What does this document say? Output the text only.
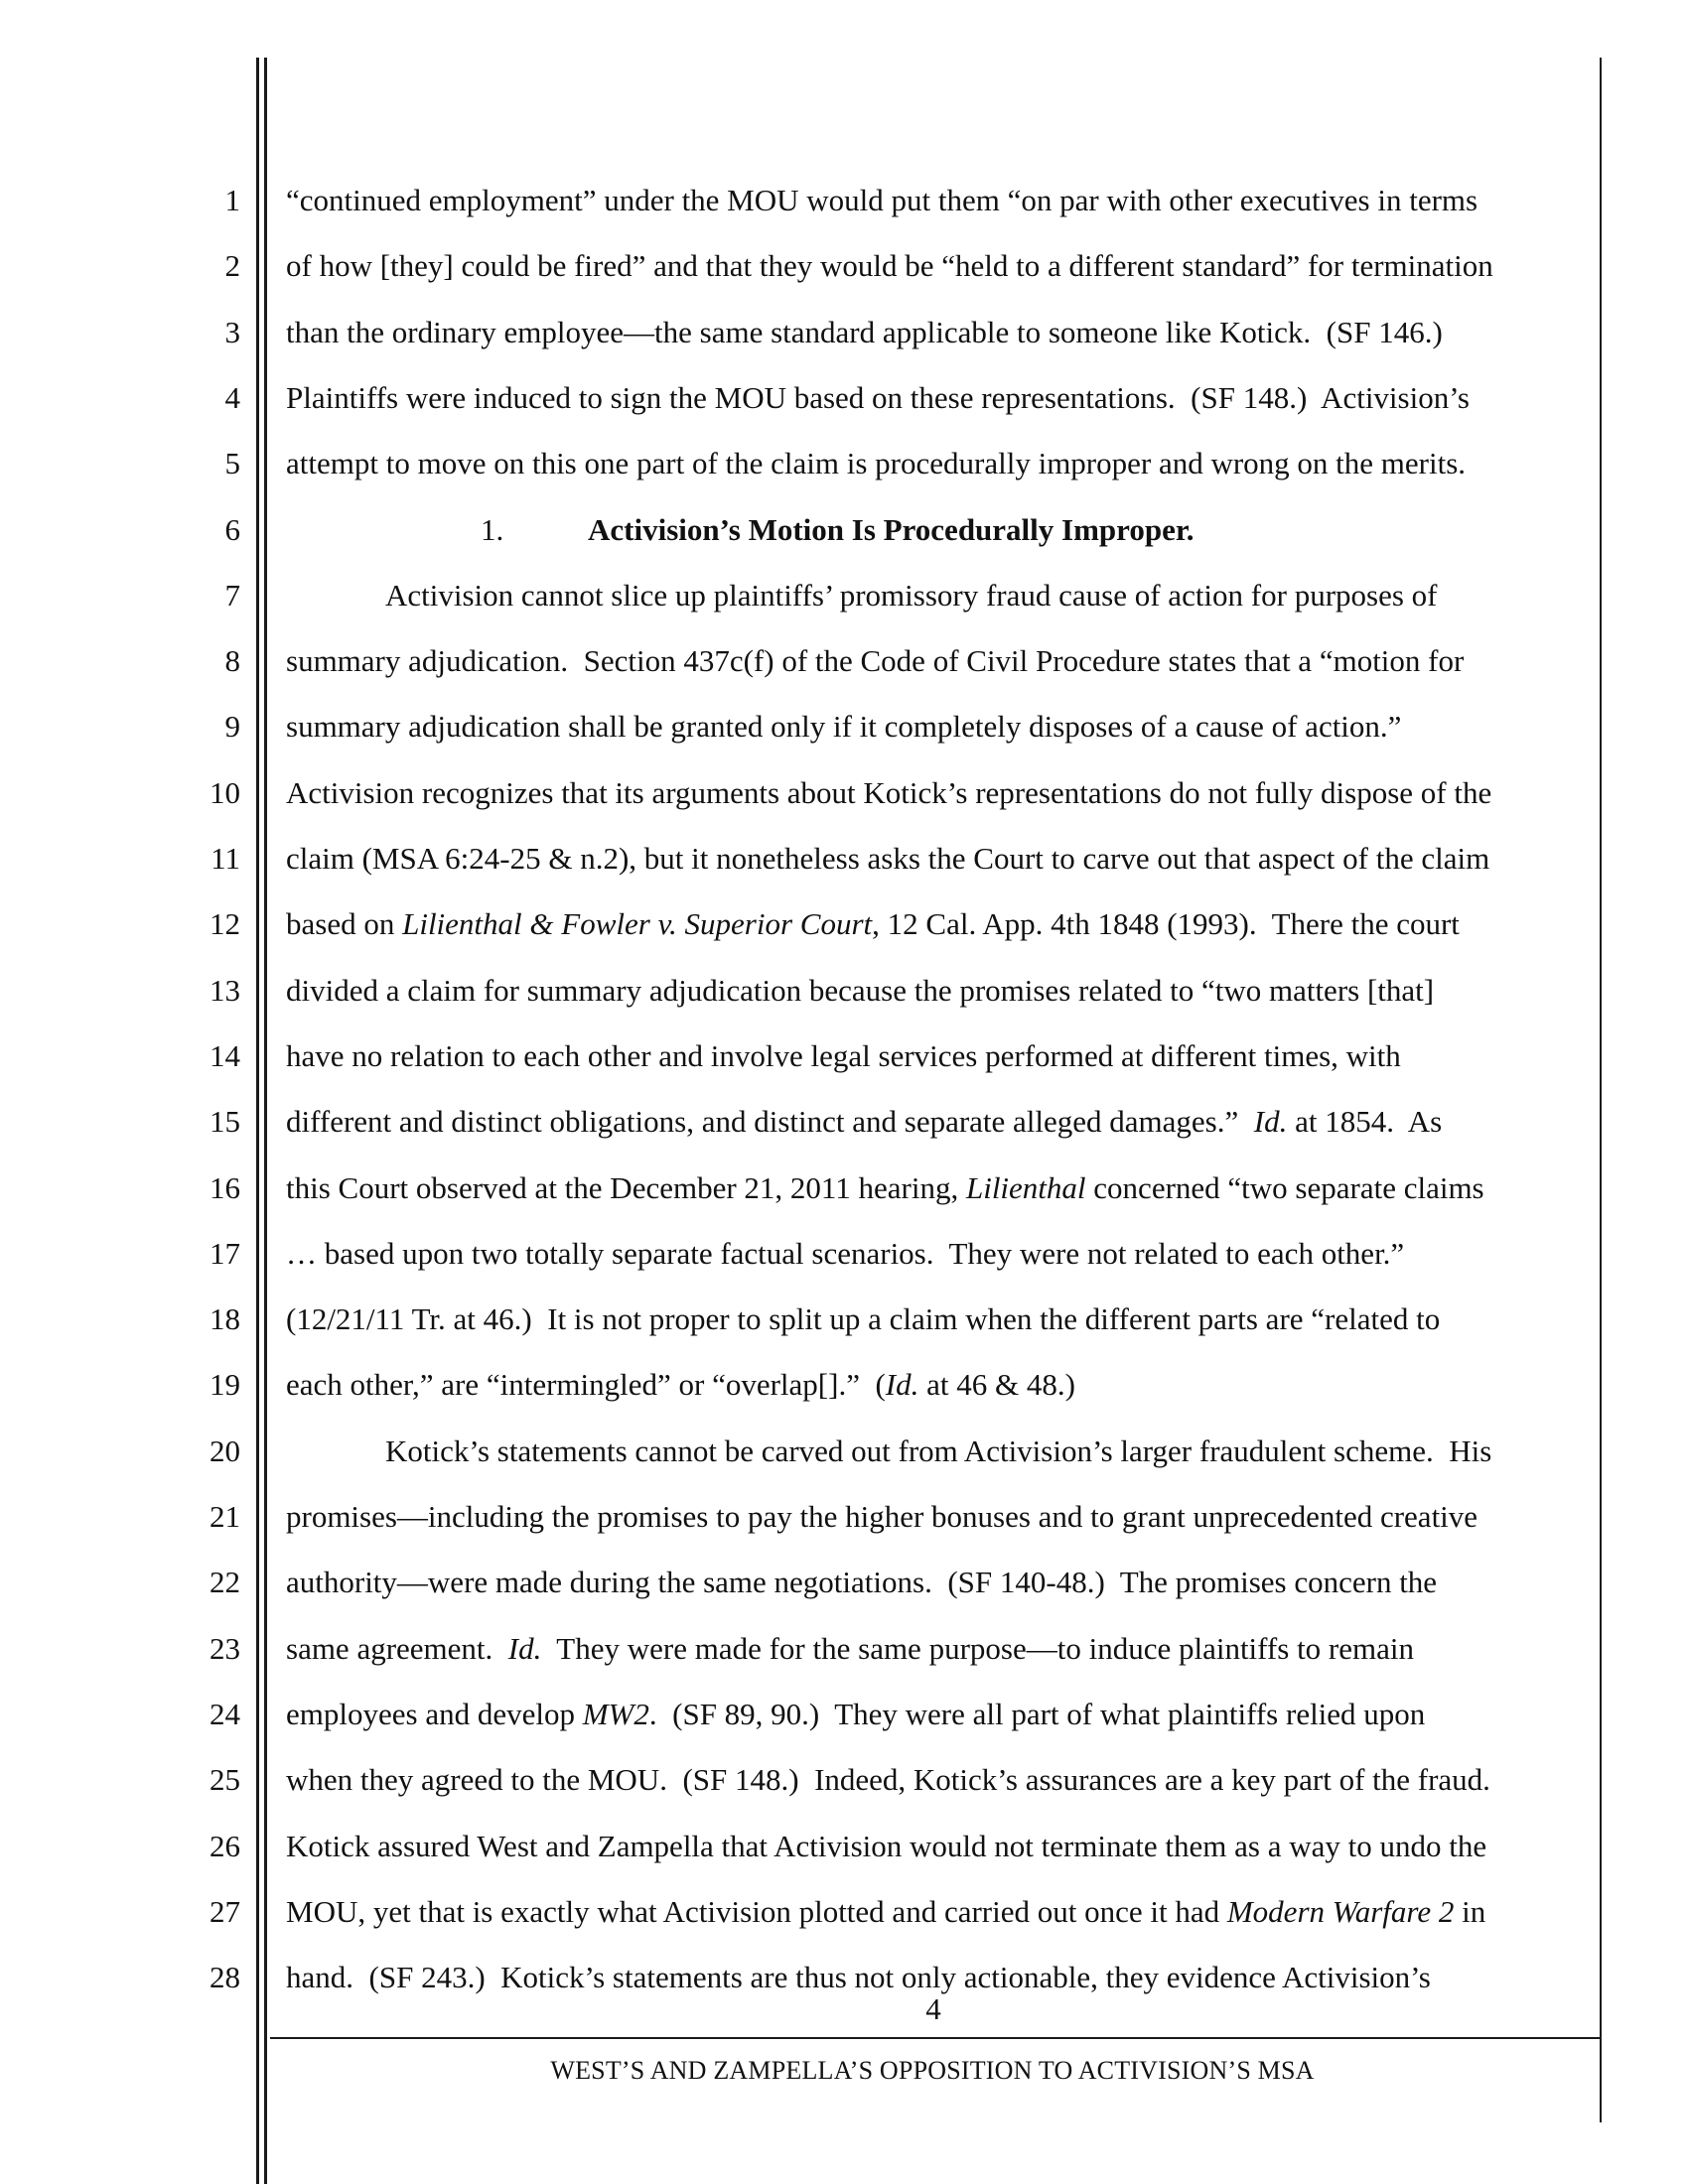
1
2
3
4
5
6
7
8
9
10
11
12
13
14
15
16
17
18
19
20
21
22
23
24
25
26
27
28
“continued employment” under the MOU would put them “on par with other executives in terms
of how [they] could be fired” and that they would be “held to a different standard” for termination
than the ordinary employee—the same standard applicable to someone like Kotick.  (SF 146.)
Plaintiffs were induced to sign the MOU based on these representations.  (SF 148.)  Activision’s
attempt to move on this one part of the claim is procedurally improper and wrong on the merits.
1.	Activision’s Motion Is Procedurally Improper.
Activision cannot slice up plaintiffs’ promissory fraud cause of action for purposes of
summary adjudication.  Section 437c(f) of the Code of Civil Procedure states that a “motion for
summary adjudication shall be granted only if it completely disposes of a cause of action.”
Activision recognizes that its arguments about Kotick’s representations do not fully dispose of the
claim (MSA 6:24-25 & n.2), but it nonetheless asks the Court to carve out that aspect of the claim
based on Lilienthal & Fowler v. Superior Court, 12 Cal. App. 4th 1848 (1993).  There the court
divided a claim for summary adjudication because the promises related to “two matters [that]
have no relation to each other and involve legal services performed at different times, with
different and distinct obligations, and distinct and separate alleged damages.”  Id. at 1854.  As
this Court observed at the December 21, 2011 hearing, Lilienthal concerned “two separate claims
… based upon two totally separate factual scenarios.  They were not related to each other.”
(12/21/11 Tr. at 46.)  It is not proper to split up a claim when the different parts are “related to
each other,” are “intermingled” or “overlap[].”  (Id. at 46 & 48.)
Kotick’s statements cannot be carved out from Activision’s larger fraudulent scheme.  His
promises—including the promises to pay the higher bonuses and to grant unprecedented creative
authority—were made during the same negotiations.  (SF 140-48.)  The promises concern the
same agreement.  Id.  They were made for the same purpose—to induce plaintiffs to remain
employees and develop MW2.  (SF 89, 90.)  They were all part of what plaintiffs relied upon
when they agreed to the MOU.  (SF 148.)  Indeed, Kotick’s assurances are a key part of the fraud.
Kotick assured West and Zampella that Activision would not terminate them as a way to undo the
MOU, yet that is exactly what Activision plotted and carried out once it had Modern Warfare 2 in
hand.  (SF 243.)  Kotick’s statements are thus not only actionable, they evidence Activision’s
4
WEST’S AND ZAMPELLA’S OPPOSITION TO ACTIVISION’S MSA
